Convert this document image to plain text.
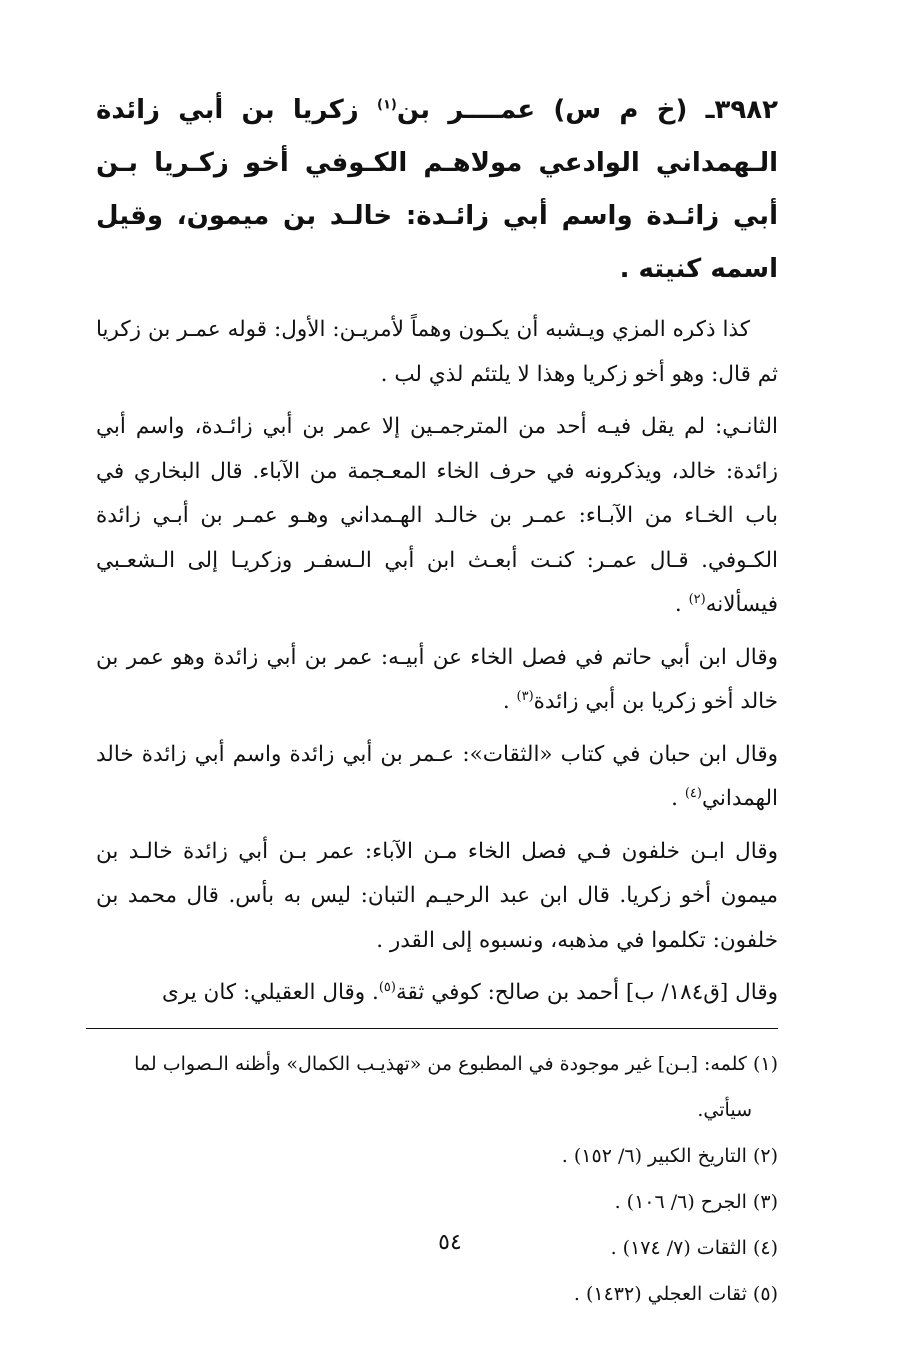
٣٩٨٢ـ (خ م س) عمــــر بن$^{(١)}$ زكريا بن أبي زائدة الـهمداني الوادعي مولاهـم الكـوفي أخو زكـريا بـن أبي زائـدة واسم أبي زائـدة: خالـد بن ميمون، وقيل اسمه كنيته .

كذا ذكره المزي ويـشبه أن يكـون وهماً لأمريـن: الأول: قوله عمـر بن زكريا ثم قال: وهو أخو زكريا وهذا لا يلتئم لذي لب .

الثانـي: لم يقل فيـه أحد من المترجمـين إلا عمر بن أبي زائـدة، واسم أبي زائدة: خالد، ويذكرونه في حرف الخاء المعـجمة من الآباء. قال البخاري في باب الخـاء من الآبـاء: عمـر بن خالـد الهـمداني وهـو عمـر بن أبـي زائدة الكـوفي. قـال عمـر: كنـت أبعـث ابن أبي الـسفـر وزكريـا إلى الـشعـبي فيسألانه$^{(٢)}$ .

وقال ابن أبي حاتم في فصل الخاء عن أبيـه: عمر بن أبي زائدة وهو عمر بن خالد أخو زكريا بن أبي زائدة$^{(٣)}$ .

وقال ابن حبان في كتاب «الثقات»: عـمر بن أبي زائدة واسم أبي زائدة خالد الهمداني$^{(٤)}$ .

وقال ابـن خلفون فـي فصل الخاء مـن الآباء: عمر بـن أبي زائدة خالـد بن ميمون أخو زكريا. قال ابن عبد الرحيـم التبان: ليس به بأس. قال محمد بن خلفون: تكلموا في مذهبه، ونسبوه إلى القدر .

وقال [ق١٨٤/ ب] أحمد بن صالح: كوفي ثقة$^{(٥)}$. وقال العقيلي: كان يرى

(١) كلمه: [بـن] غير موجودة في المطبوع من «تهذيـب الكمال» وأظنه الـصواب لما

سيأتي.

(٢) التاريخ الكبير (٦/ ١٥٢) .

(٣) الجرح (٦/ ١٠٦) .

(٤) الثقات (٧/ ١٧٤) .

(٥) ثقات العجلي (١٤٣٢) .

٥٤
